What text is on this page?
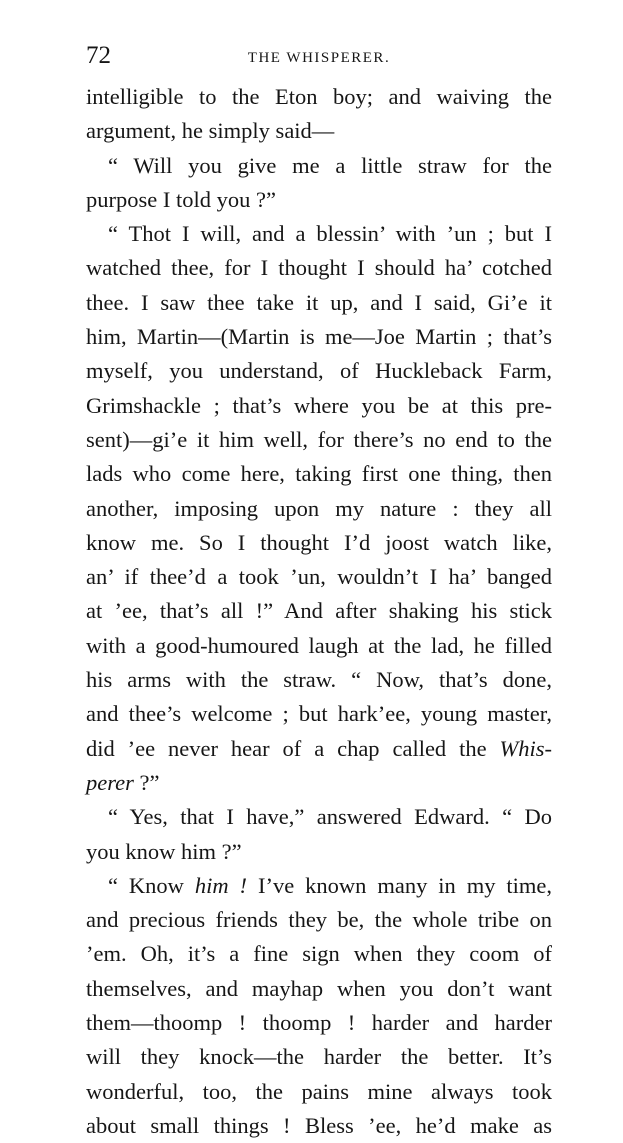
72	THE WHISPERER.
intelligible to the Eton boy; and waiving the
argument, he simply said—
“ Will you give me a little straw for the
purpose I told you ?”
“ Thot I will, and a blessin’ with ’un ; but I
watched thee, for I thought I should ha’ cotched
thee. I saw thee take it up, and I said, Gi’e it
him, Martin—(Martin is me—Joe Martin ; that’s
myself, you understand, of Huckleback Farm,
Grimshackle ; that’s where you be at this pre-
sent)—gi’e it him well, for there’s no end to the
lads who come here, taking first one thing, then
another, imposing upon my nature : they all
know me. So I thought I’d joost watch like,
an’ if thee’d a took ’un, wouldn’t I ha’ banged
at ’ee, that’s all !” And after shaking his stick
with a good-humoured laugh at the lad, he filled
his arms with the straw. “ Now, that’s done,
and thee’s welcome ; but hark’ee, young master,
did ’ee never hear of a chap called the Whis-
perer ?”
“ Yes, that I have,” answered Edward. “ Do
you know him ?”
“ Know him ! I’ve known many in my time,
and precious friends they be, the whole tribe on
’em. Oh, it’s a fine sign when they coom of
themselves, and mayhap when you don’t want
them—thoomp ! thoomp ! harder and harder
will they knock—the harder the better. It’s
wonderful, too, the pains mine always took
about small things ! Bless ’ee, he’d make as
